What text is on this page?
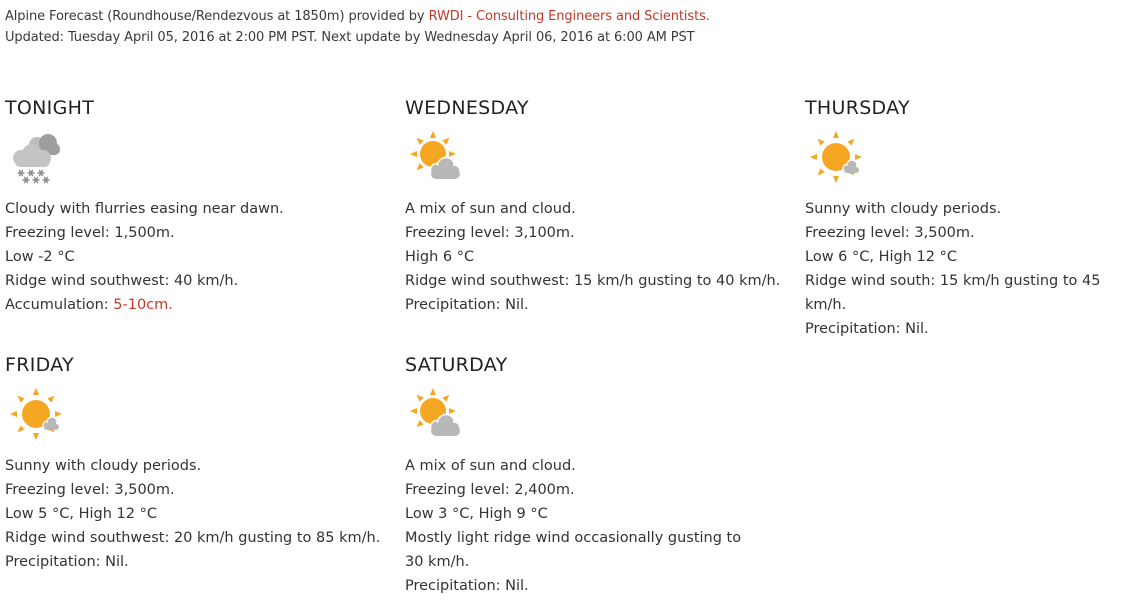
Alpine Forecast (Roundhouse/Rendezvous at 1850m) provided by RWDI - Consulting Engineers and Scientists.
Updated: Tuesday April 05, 2016 at 2:00 PM PST. Next update by Wednesday April 06, 2016 at 6:00 AM PST
TONIGHT
Cloudy with flurries easing near dawn.
Freezing level: 1,500m.
Low -2 °C
Ridge wind southwest: 40 km/h.
Accumulation: 5-10cm.
WEDNESDAY
A mix of sun and cloud.
Freezing level: 3,100m.
High 6 °C
Ridge wind southwest: 15 km/h gusting to 40 km/h.
Precipitation: Nil.
THURSDAY
Sunny with cloudy periods.
Freezing level: 3,500m.
Low 6 °C, High 12 °C
Ridge wind south: 15 km/h gusting to 45 km/h.
Precipitation: Nil.
FRIDAY
Sunny with cloudy periods.
Freezing level: 3,500m.
Low 5 °C, High 12 °C
Ridge wind southwest: 20 km/h gusting to 85 km/h.
Precipitation: Nil.
SATURDAY
A mix of sun and cloud.
Freezing level: 2,400m.
Low 3 °C, High 9 °C
Mostly light ridge wind occasionally gusting to 30 km/h.
Precipitation: Nil.
